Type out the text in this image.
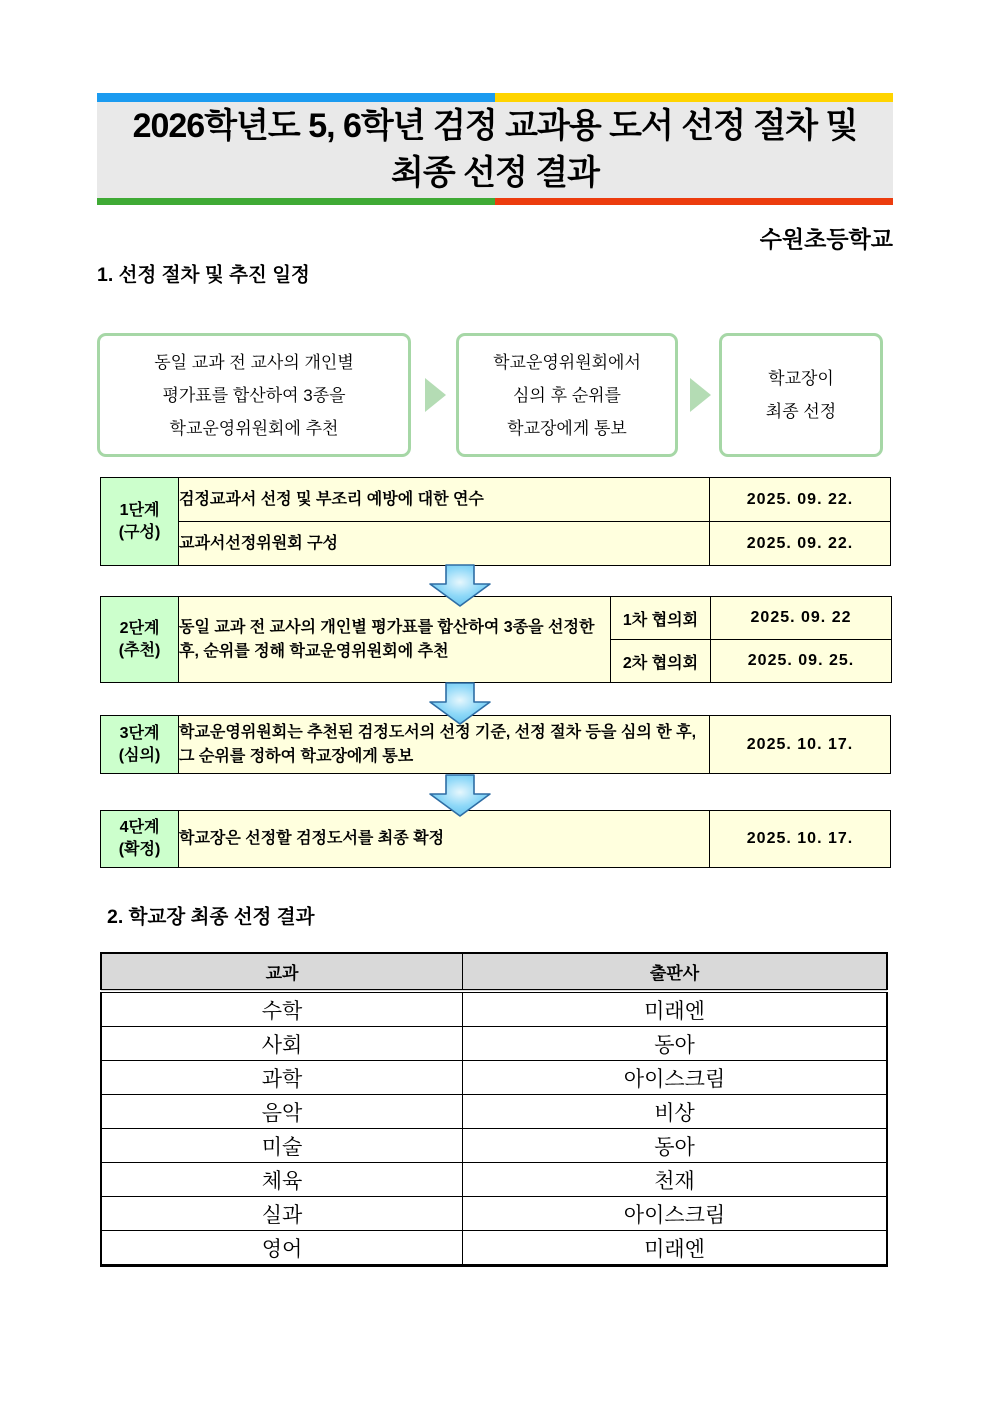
2026학년도 5, 6학년 검정 교과용 도서 선정 절차 및
최종 선정 결과
수원초등학교
1. 선정 절차 및 추진 일정
동일 교과 전 교사의 개인별
평가표를 합산하여 3종을
학교운영위원회에 추천
학교운영위원회에서
심의 후 순위를
학교장에게 통보
학교장이
최종 선정
1단계
(구성)	검정교과서 선정 및 부조리 예방에 대한 연수	2025. 09. 22.
	교과서선정위원회 구성	2025. 09. 22.
2단계
(추천)	동일 교과 전 교사의 개인별 평가표를 합산하여 3종을 선정한 후, 순위를 정해 학교운영위원회에 추천	1차 협의회	2025. 09. 22
		2차 협의회	2025. 09. 25.
3단계
(심의)
	학교운영위원회는 추천된 검정도서의 선정 기준, 선정 절차 등을 심의 한 후, 그 순위를 정하여 학교장에게 통보	2025. 10. 17.
4단계
(확정)
	학교장은 선정할 검정도서를 최종 확정	2025. 10. 17.
2. 학교장 최종 선정 결과
교과	출판사
수학	미래엔
사회	동아
과학	아이스크림
음악	비상
미술	동아
체육	천재
실과	아이스크림
영어	미래엔
